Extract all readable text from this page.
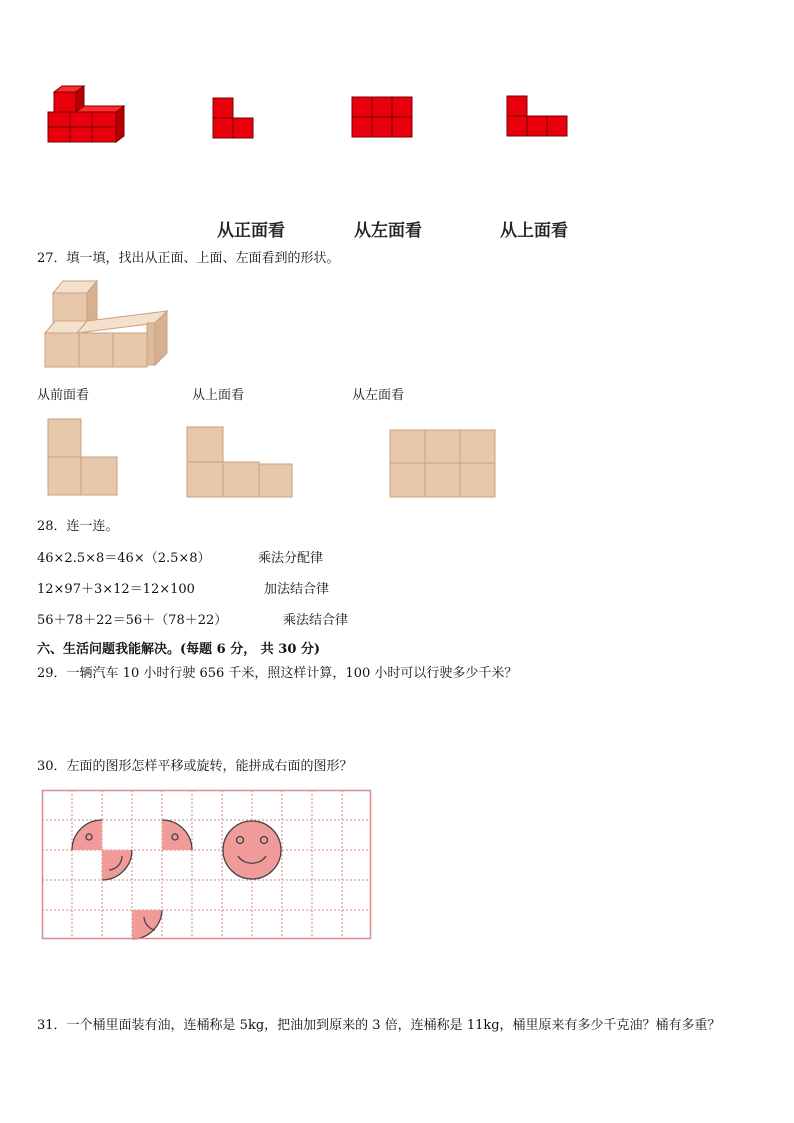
从正面看	从左面看	从上面看
27．填一填，找出从正面、上面、左面看到的形状。
从前面看	从上面看	从左面看
28．连一连。
46×2.5×8＝46×（2.5×8）	乘法分配律
12×97＋3×12＝12×100	加法结合律
56＋78＋22＝56＋（78＋22）	乘法结合律
六、生活问题我能解决。(每题 6 分， 共 30 分)
29．一辆汽车 10 小时行驶 656 千米，照这样计算，100 小时可以行驶多少千米？
30．左面的图形怎样平移或旋转，能拼成右面的图形？
31．一个桶里面装有油，连桶称是 5kg，把油加到原来的 3 倍，连桶称是 11kg，桶里原来有多少千克油？桶有多重？
